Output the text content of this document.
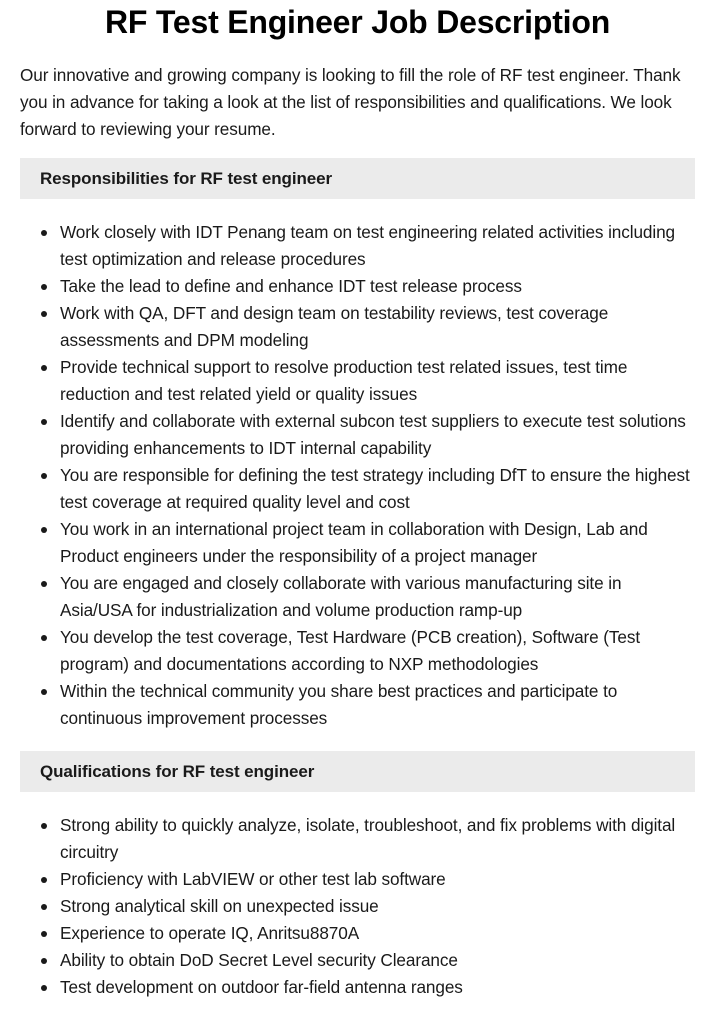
RF Test Engineer Job Description

Our innovative and growing company is looking to fill the role of RF test engineer. Thank you in advance for taking a look at the list of responsibilities and qualifications. We look forward to reviewing your resume.

Responsibilities for RF test engineer
Work closely with IDT Penang team on test engineering related activities including test optimization and release procedures
Take the lead to define and enhance IDT test release process
Work with QA, DFT and design team on testability reviews, test coverage assessments and DPM modeling
Provide technical support to resolve production test related issues, test time reduction and test related yield or quality issues
Identify and collaborate with external subcon test suppliers to execute test solutions providing enhancements to IDT internal capability
You are responsible for defining the test strategy including DfT to ensure the highest test coverage at required quality level and cost
You work in an international project team in collaboration with Design, Lab and Product engineers under the responsibility of a project manager
You are engaged and closely collaborate with various manufacturing site in Asia/USA for industrialization and volume production ramp-up
You develop the test coverage, Test Hardware (PCB creation), Software (Test program) and documentations according to NXP methodologies
Within the technical community you share best practices and participate to continuous improvement processes
Qualifications for RF test engineer
Strong ability to quickly analyze, isolate, troubleshoot, and fix problems with digital circuitry
Proficiency with LabVIEW or other test lab software
Strong analytical skill on unexpected issue
Experience to operate IQ, Anritsu8870A
Ability to obtain DoD Secret Level security Clearance
Test development on outdoor far-field antenna ranges
